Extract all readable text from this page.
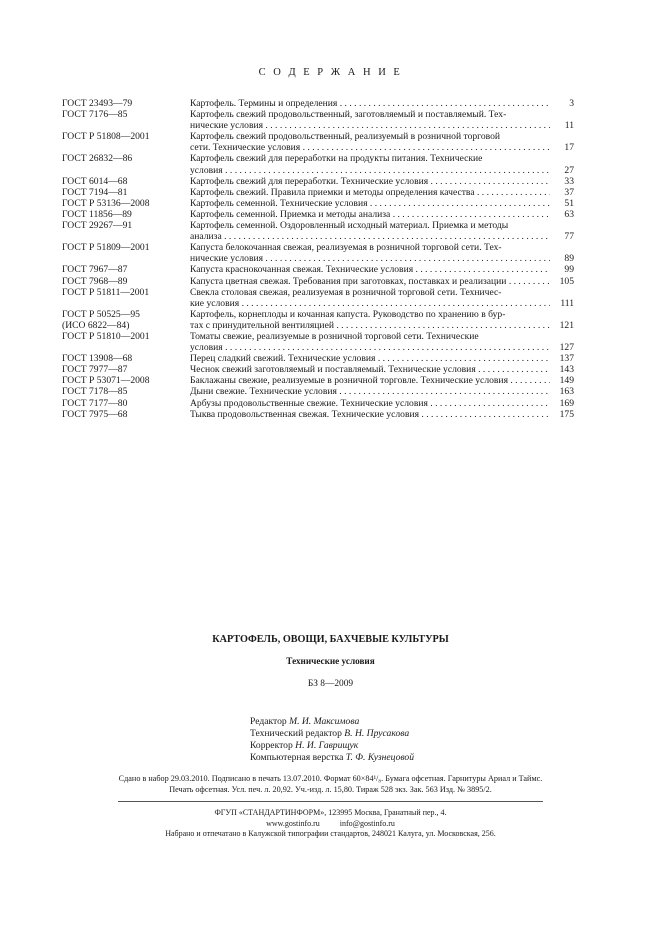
С О Д Е Р Ж А Н И Е
ГОСТ 23493—79	Картофель. Термины и определения . . .	3
ГОСТ 7176—85	Картофель свежий продовольственный, заготовляемый и поставляемый. Тех-
нические условия . . .	11
ГОСТ Р 51808—2001	Картофель свежий продовольственный, реализуемый в розничной торговой
сети. Технические условия . . .	17
ГОСТ 26832—86	Картофель свежий для переработки на продукты питания. Технические
условия . . .	27
ГОСТ 6014—68	Картофель свежий для переработки. Технические условия . . .	33
ГОСТ 7194—81	Картофель свежий. Правила приемки и методы определения качества . . .	37
ГОСТ Р 53136—2008	Картофель семенной. Технические условия . . .	51
ГОСТ 11856—89	Картофель семенной. Приемка и методы анализа . . .	63
ГОСТ 29267—91	Картофель семенной. Оздоровленный исходный материал. Приемка и методы
анализа . . .	77
ГОСТ Р 51809—2001	Капуста белокочанная свежая, реализуемая в розничной торговой сети. Тех-
нические условия . . .	89
ГОСТ 7967—87	Капуста краснокочанная свежая. Технические условия . . .	99
ГОСТ 7968—89	Капуста цветная свежая. Требования при заготовках, поставках и реализации . . .	105
ГОСТ Р 51811—2001	Свекла столовая свежая, реализуемая в розничной торговой сети. Техничес-
кие условия . . .	111
ГОСТ Р 50525—95
(ИСО 6822—84)
Картофель, корнеплоды и кочанная капуста. Руководство по хранению в бур-
тах с принудительной вентиляцией . . .	121
ГОСТ Р 51810—2001	Томаты свежие, реализуемые в розничной торговой сети. Технические
условия . . .	127
ГОСТ 13908—68	Перец сладкий свежий. Технические условия . . .	137
ГОСТ 7977—87	Чеснок свежий заготовляемый и поставляемый. Технические условия . . .	143
ГОСТ Р 53071—2008	Баклажаны свежие, реализуемые в розничной торговле. Технические условия . . .	149
ГОСТ 7178—85	Дыни свежие. Технические условия . . .	163
ГОСТ 7177—80	Арбузы продовольственные свежие. Технические условия . . .	169
ГОСТ 7975—68	Тыква продовольственная свежая. Технические условия . . .	175
КАРТОФЕЛЬ, ОВОЩИ, БАХЧЕВЫЕ КУЛЬТУРЫ
Технические условия
БЗ 8—2009
Редактор М. И. Максимова
Технический редактор В. Н. Прусакова
Корректор Н. И. Гаврищук
Компьютерная верстка Т. Ф. Кузнецовой
Сдано в набор 29.03.2010. Подписано в печать 13.07.2010. Формат 60×84¹/₈. Бумага офсетная. Гарнитуры Ариал и Таймс.
Печать офсетная. Усл. печ. л. 20,92. Уч.-изд. л. 15,80. Тираж 528 экз. Зак. 563 Изд. № 3895/2.
ФГУП «СТАНДАРТИНФОРМ», 123995 Москва, Гранатный пер., 4.
www.gostinfo.ru          info@gostinfo.ru
Набрано и отпечатано в Калужской типографии стандартов, 248021 Калуга, ул. Московская, 256.
